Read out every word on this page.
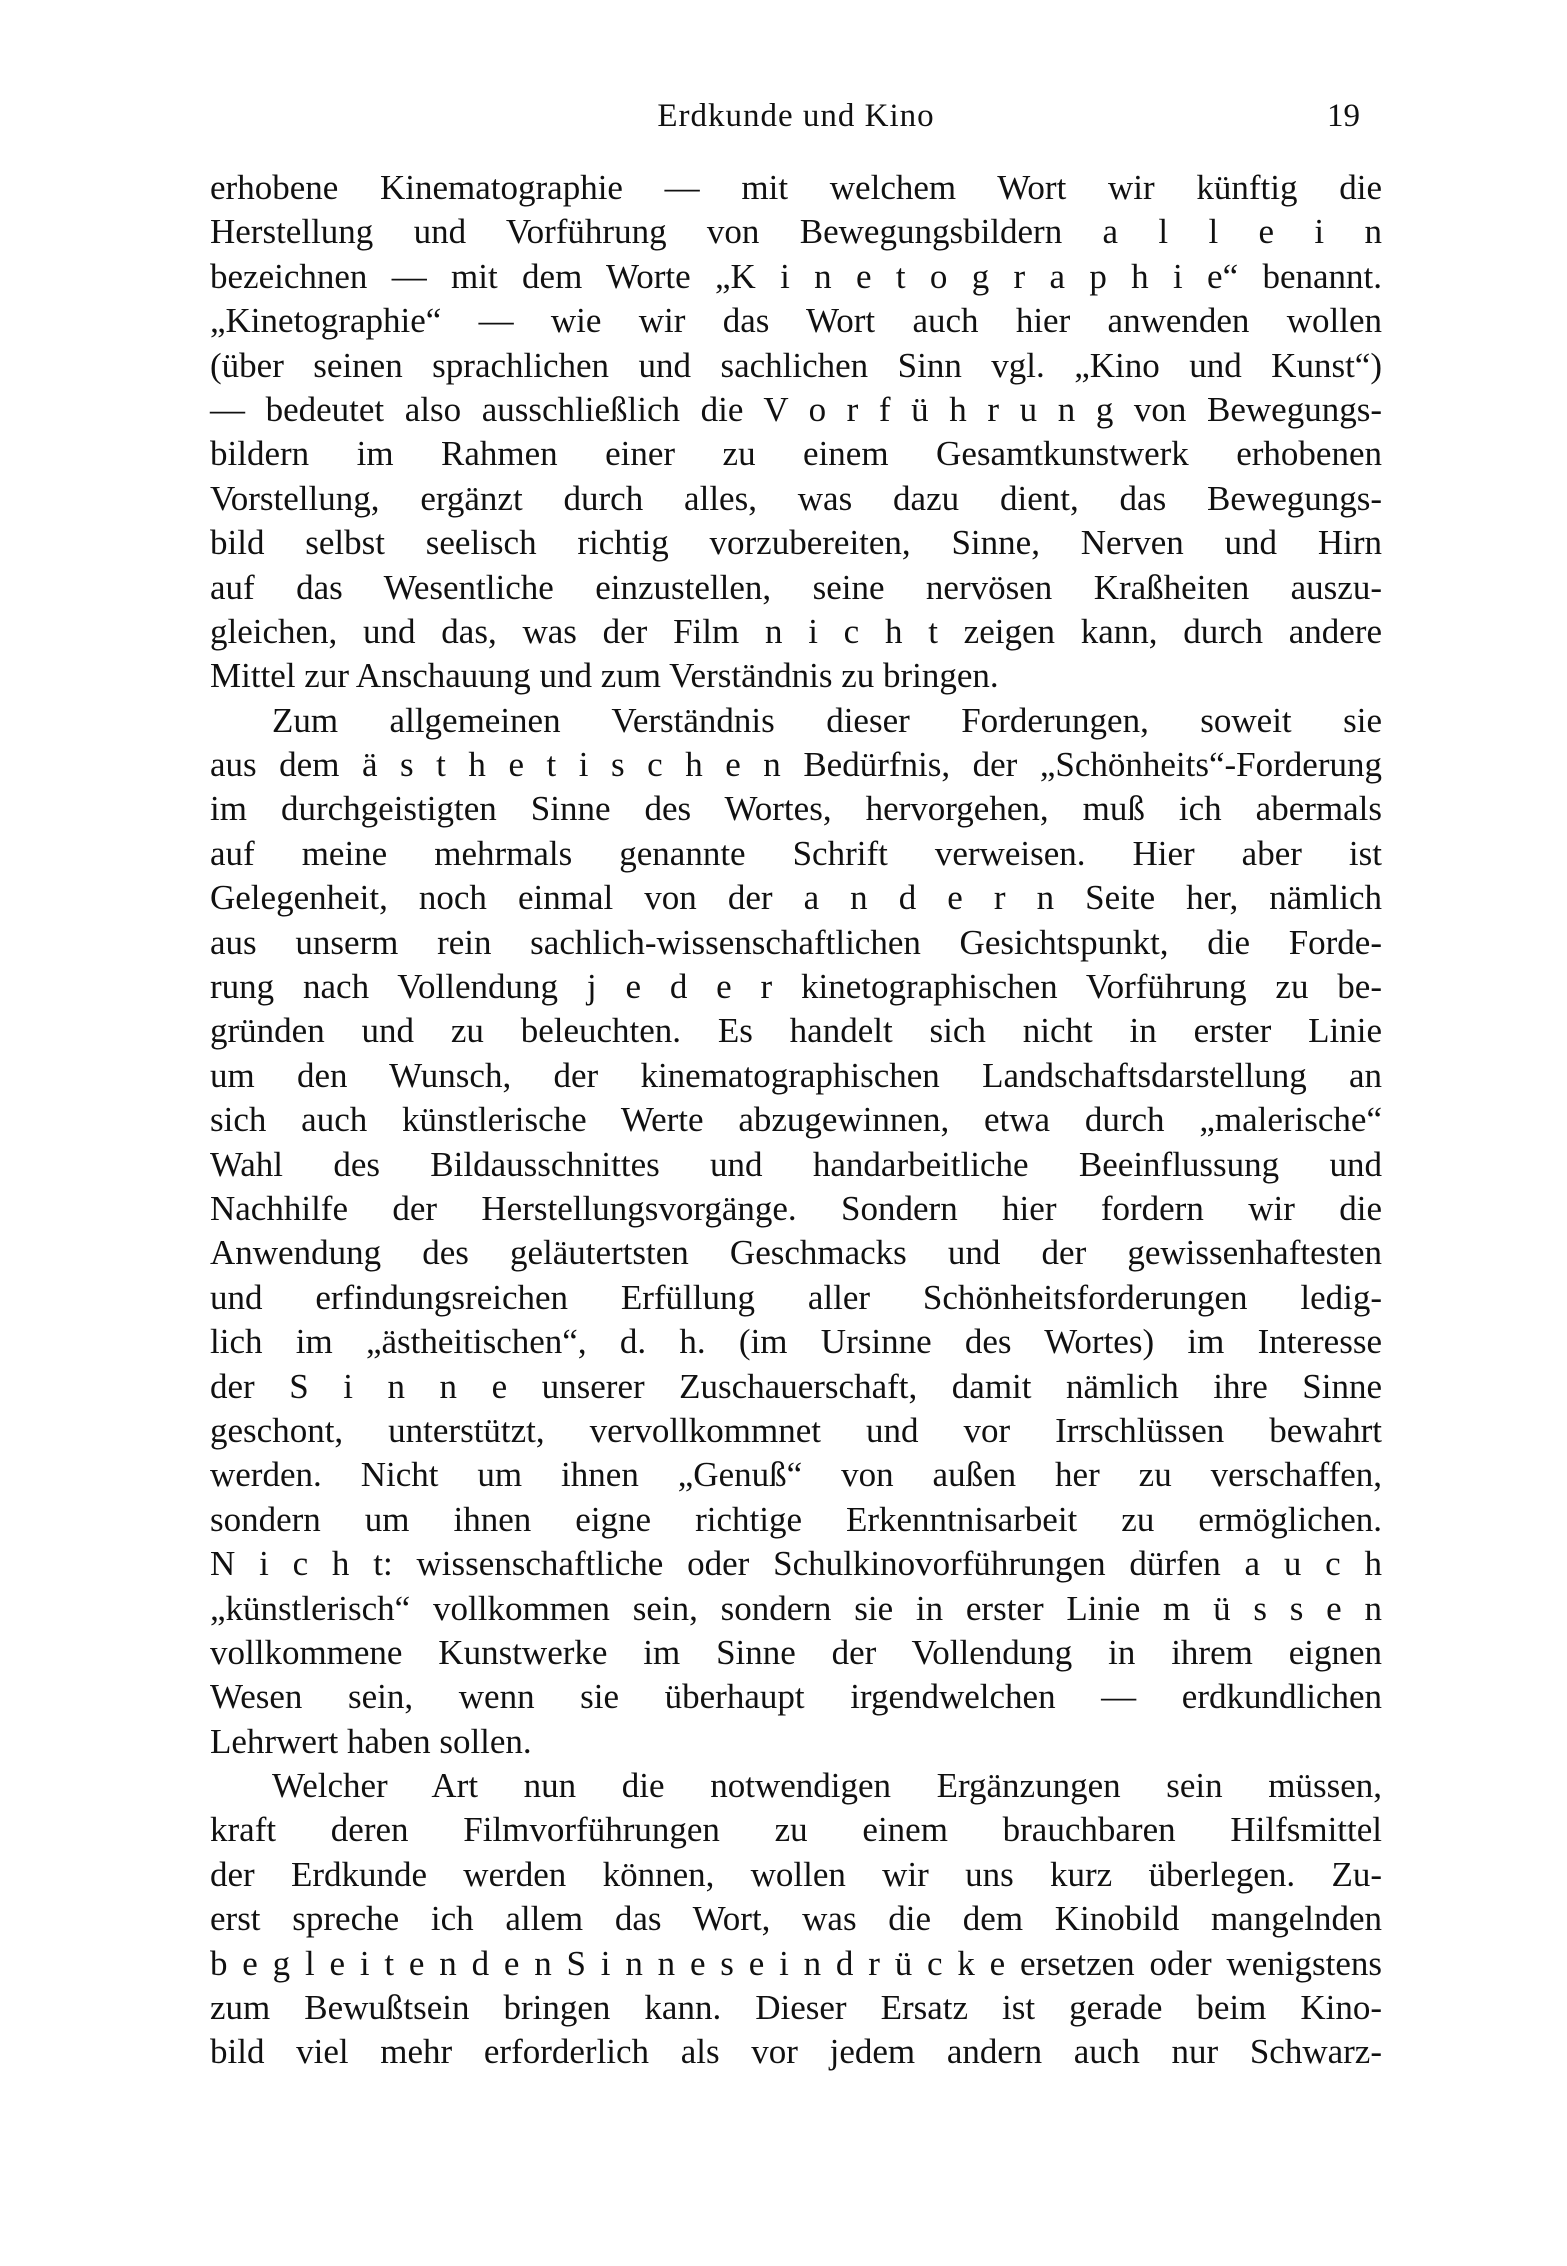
Erdkunde und Kino	19
erhobene Kinematographie — mit welchem Wort wir künftig die
Herstellung und Vorführung von Bewegungsbildern a l l e i n
bezeichnen — mit dem Worte „K i n e t o g r a p h i e“ benannt.
„Kinetographie“ — wie wir das Wort auch hier anwenden wollen
(über seinen sprachlichen und sachlichen Sinn vgl. „Kino und Kunst“)
— bedeutet also ausschließlich die V o r f ü h r u n g von Bewegungs-
bildern im Rahmen einer zu einem Gesamtkunstwerk erhobenen
Vorstellung, ergänzt durch alles, was dazu dient, das Bewegungs-
bild selbst seelisch richtig vorzubereiten, Sinne, Nerven und Hirn
auf das Wesentliche einzustellen, seine nervösen Kraßheiten auszu-
gleichen, und das, was der Film n i c h t zeigen kann, durch andere
Mittel zur Anschauung und zum Verständnis zu bringen.
Zum allgemeinen Verständnis dieser Forderungen, soweit sie
aus dem ä s t h e t i s c h e n Bedürfnis, der „Schönheits“-Forderung
im durchgeistigten Sinne des Wortes, hervorgehen, muß ich abermals
auf meine mehrmals genannte Schrift verweisen. Hier aber ist
Gelegenheit, noch einmal von der a n d e r n Seite her, nämlich
aus unserm rein sachlich-wissenschaftlichen Gesichtspunkt, die Forde-
rung nach Vollendung j e d e r kinetographischen Vorführung zu be-
gründen und zu beleuchten. Es handelt sich nicht in erster Linie
um den Wunsch, der kinematographischen Landschaftsdarstellung an
sich auch künstlerische Werte abzugewinnen, etwa durch „malerische“
Wahl des Bildausschnittes und handarbeitliche Beeinflussung und
Nachhilfe der Herstellungsvorgänge. Sondern hier fordern wir die
Anwendung des geläutertsten Geschmacks und der gewissenhaftesten
und erfindungsreichen Erfüllung aller Schönheitsforderungen ledig-
lich im „ästheitischen“, d. h. (im Ursinne des Wortes) im Interesse
der S i n n e unserer Zuschauerschaft, damit nämlich ihre Sinne
geschont, unterstützt, vervollkommnet und vor Irrschlüssen bewahrt
werden. Nicht um ihnen „Genuß“ von außen her zu verschaffen,
sondern um ihnen eigne richtige Erkenntnisarbeit zu ermöglichen.
N i c h t: wissenschaftliche oder Schulkinovorführungen dürfen a u c h
„künstlerisch“ vollkommen sein, sondern sie in erster Linie m ü s s e n
vollkommene Kunstwerke im Sinne der Vollendung in ihrem eignen
Wesen sein, wenn sie überhaupt irgendwelchen — erdkundlichen
Lehrwert haben sollen.
Welcher Art nun die notwendigen Ergänzungen sein müssen,
kraft deren Filmvorführungen zu einem brauchbaren Hilfsmittel
der Erdkunde werden können, wollen wir uns kurz überlegen. Zu-
erst spreche ich allem das Wort, was die dem Kinobild mangelnden
b e g l e i t e n d e n S i n n e s e i n d r ü c k e ersetzen oder wenigstens
zum Bewußtsein bringen kann. Dieser Ersatz ist gerade beim Kino-
bild viel mehr erforderlich als vor jedem andern auch nur Schwarz-
